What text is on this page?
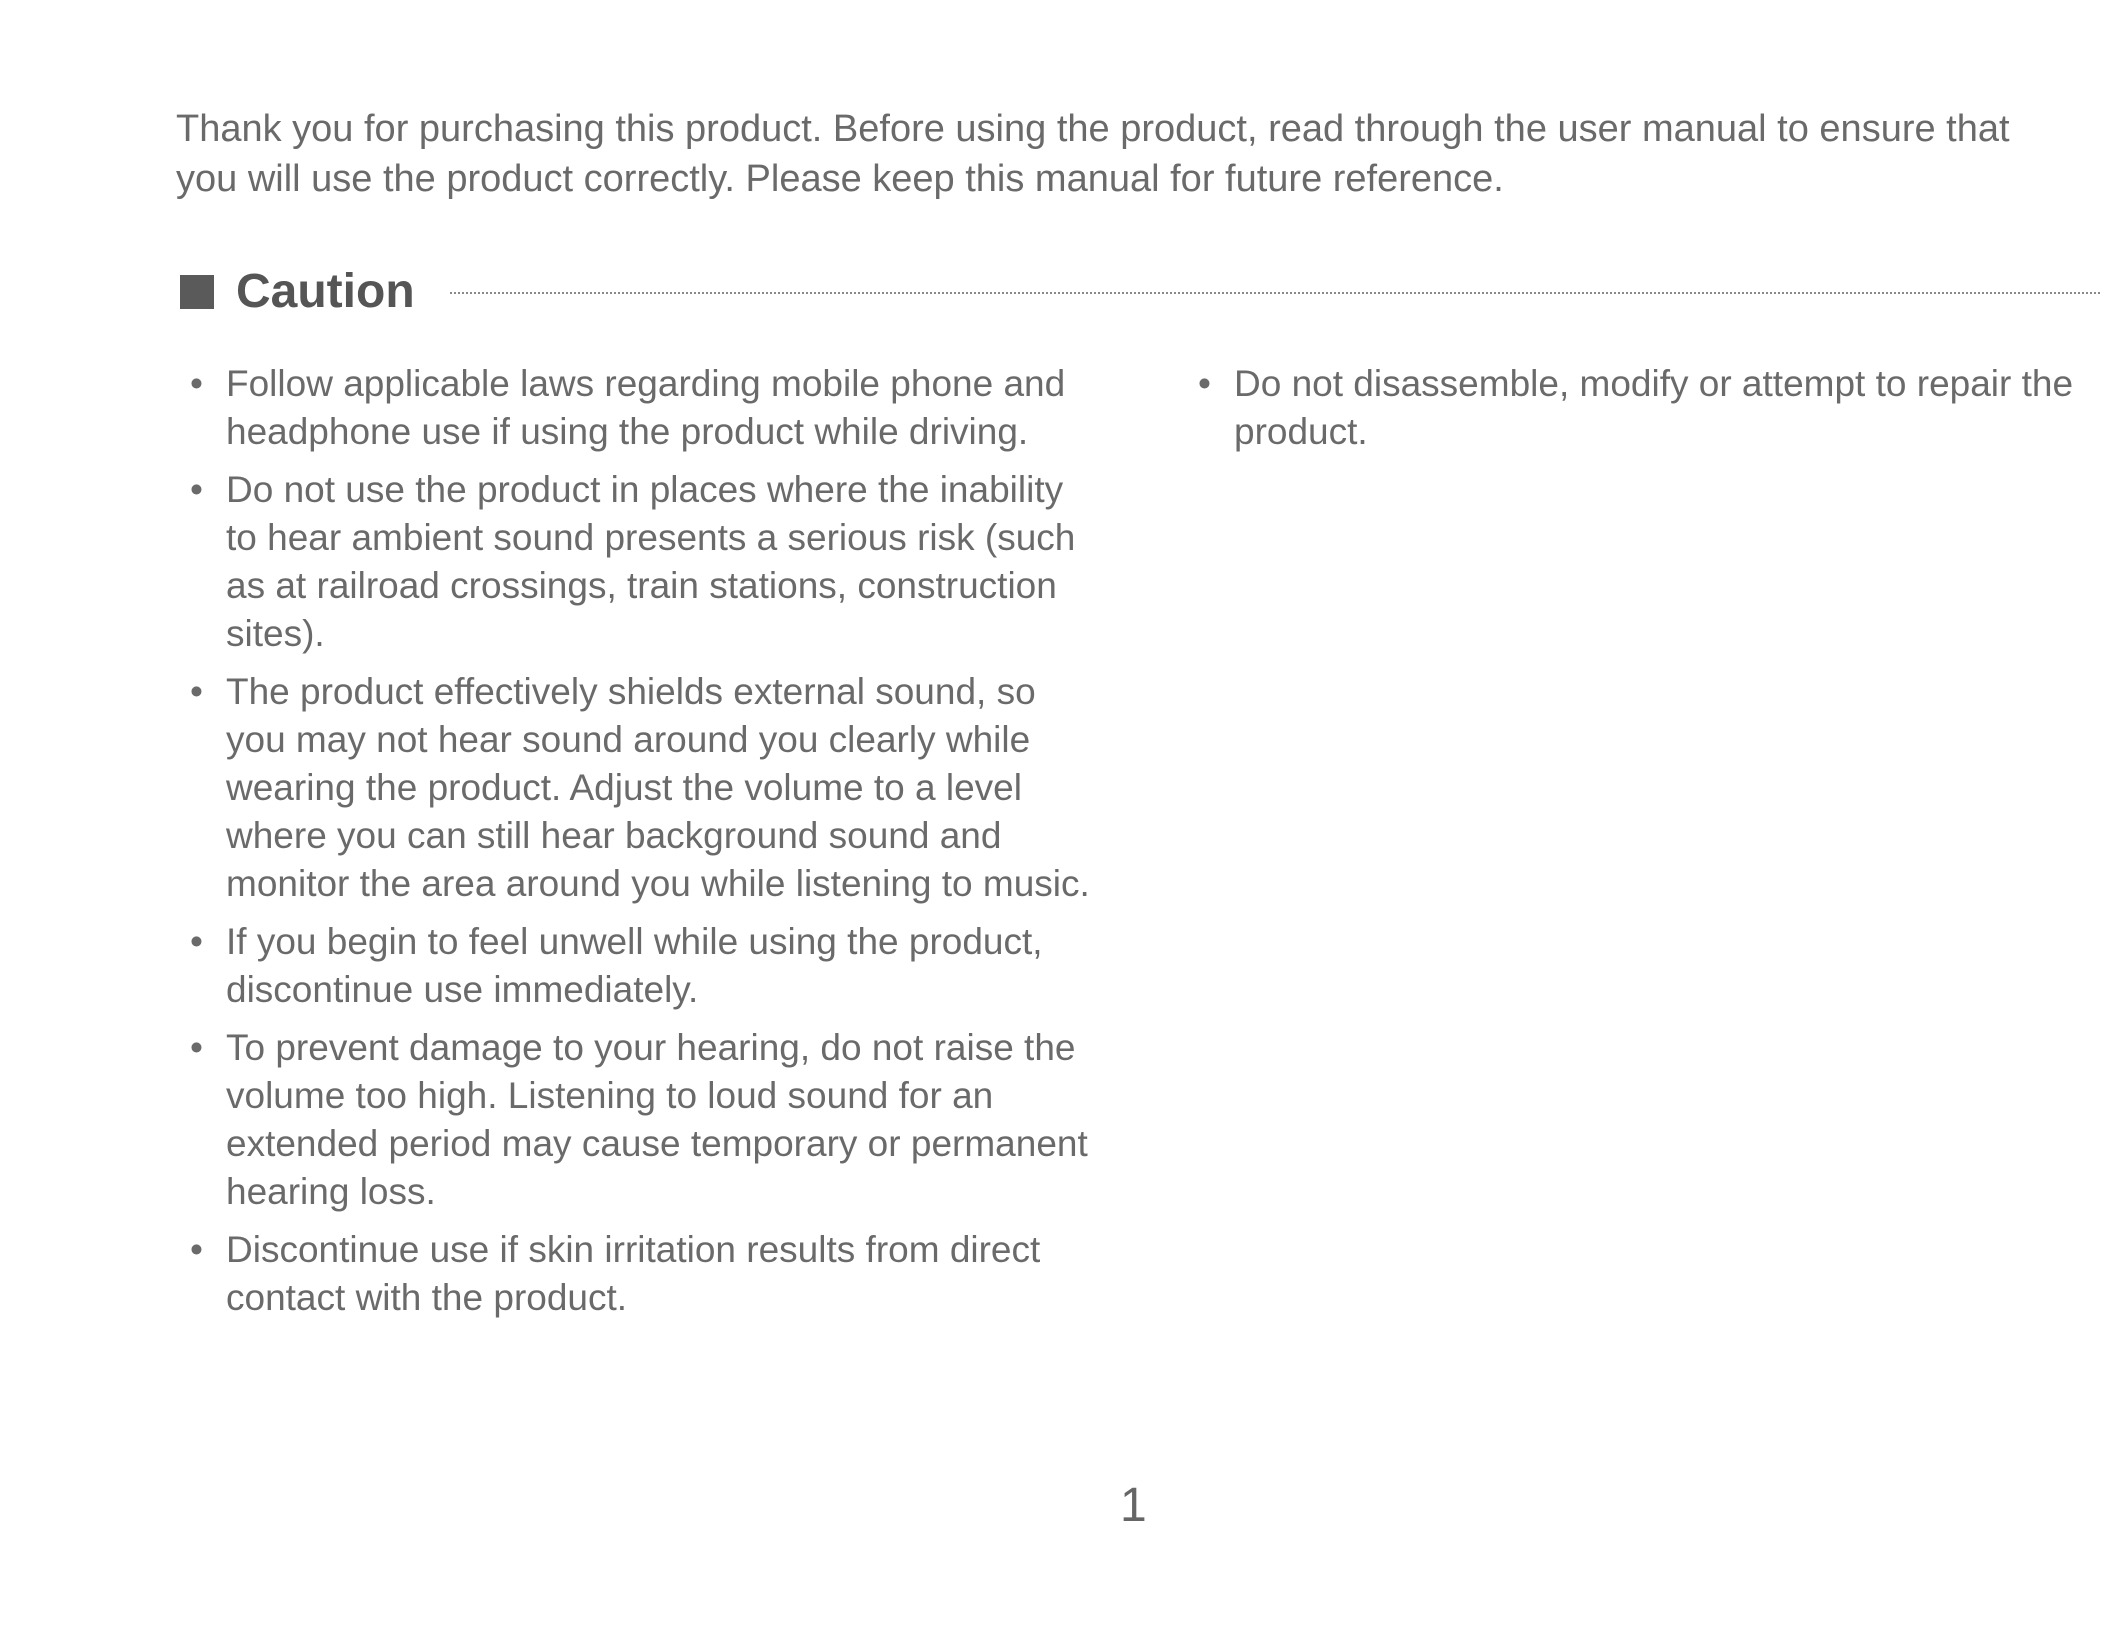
Thank you for purchasing this product. Before using the product, read through the user manual to ensure that you will use the product correctly. Please keep this manual for future reference.

Caution
• Follow applicable laws regarding mobile phone and headphone use if using the product while driving.
• Do not use the product in places where the inability to hear ambient sound presents a serious risk (such as at railroad crossings, train stations, construction sites).
• The product effectively shields external sound, so you may not hear sound around you clearly while wearing the product. Adjust the volume to a level where you can still hear background sound and monitor the area around you while listening to music.
• If you begin to feel unwell while using the product, discontinue use immediately.
• To prevent damage to your hearing, do not raise the volume too high. Listening to loud sound for an extended period may cause temporary or permanent hearing loss.
• Discontinue use if skin irritation results from direct contact with the product.
• Do not disassemble, modify or attempt to repair the product.

1
